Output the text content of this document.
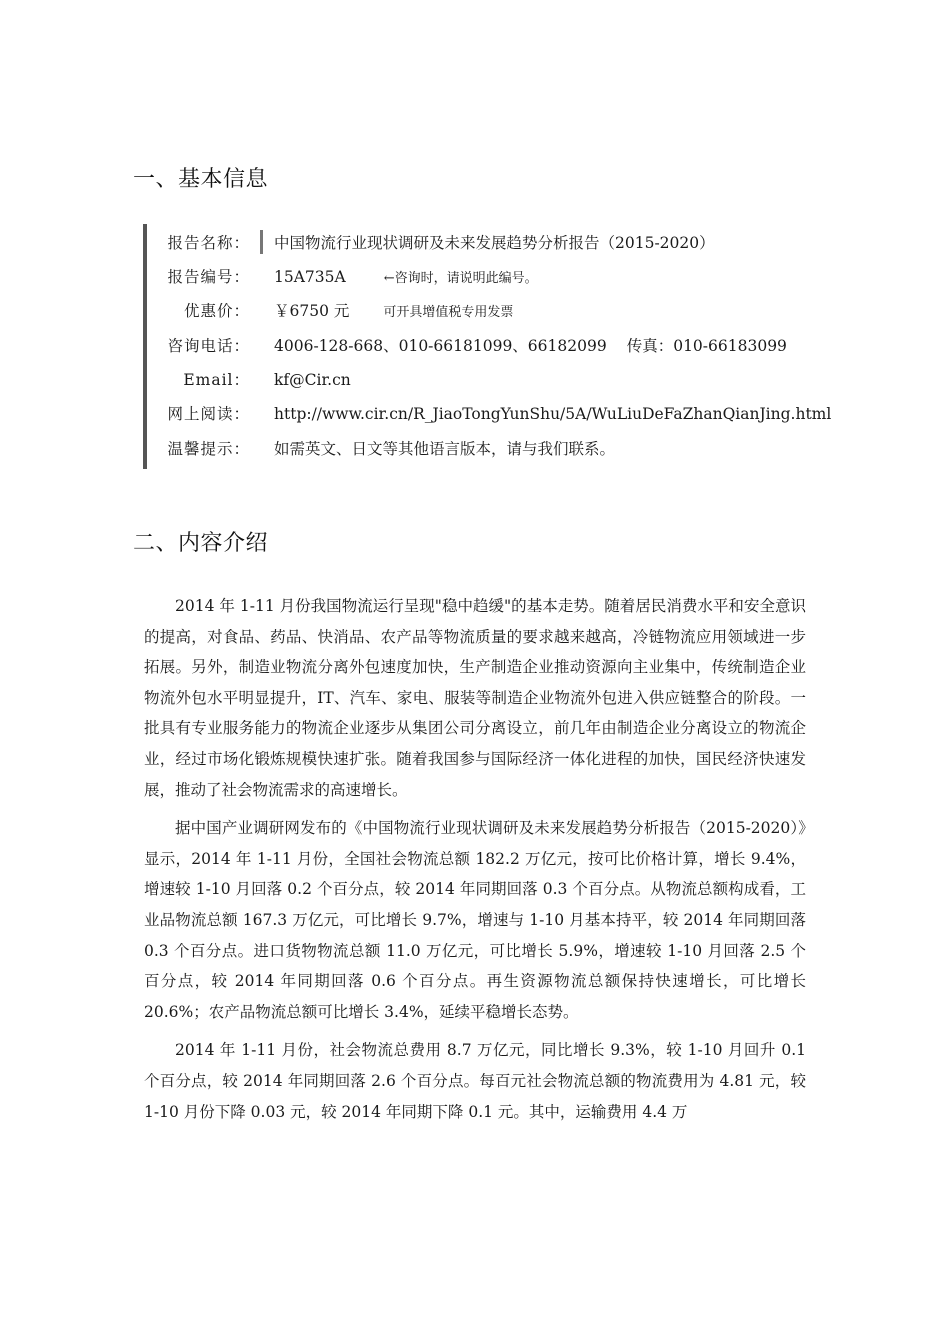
一、基本信息
报告名称： 中国物流行业现状调研及未来发展趋势分析报告（2015-2020）
报告编号： 15A735A	←咨询时，请说明此编号。
优惠价： ￥6750 元	可开具增值税专用发票
咨询电话： 4006-128-668、010-66181099、66182099 传真：010-66183099
Email： kf@Cir.cn
网上阅读： http://www.cir.cn/R_JiaoTongYunShu/5A/WuLiuDeFaZhanQianJing.html
温馨提示： 如需英文、日文等其他语言版本，请与我们联系。
二、内容介绍

2014 年 1-11 月份我国物流运行呈现"稳中趋缓"的基本走势。随着居民消费水平和安全意识的提高，对食品、药品、快消品、农产品等物流质量的要求越来越高，冷链物流应用领域进一步拓展。另外，制造业物流分离外包速度加快，生产制造企业推动资源向主业集中，传统制造企业物流外包水平明显提升，IT、汽车、家电、服装等制造企业物流外包进入供应链整合的阶段。一批具有专业服务能力的物流企业逐步从集团公司分离设立，前几年由制造企业分离设立的物流企业，经过市场化锻炼规模快速扩张。随着我国参与国际经济一体化进程的加快，国民经济快速发展，推动了社会物流需求的高速增长。

据中国产业调研网发布的《中国物流行业现状调研及未来发展趋势分析报告（2015-2020）》显示，2014 年 1-11 月份，全国社会物流总额 182.2 万亿元，按可比价格计算，增长 9.4%，增速较 1-10 月回落 0.2 个百分点，较 2014 年同期回落 0.3 个百分点。从物流总额构成看，工业品物流总额 167.3 万亿元，可比增长 9.7%，增速与 1-10 月基本持平，较 2014 年同期回落 0.3 个百分点。进口货物物流总额 11.0 万亿元，可比增长 5.9%，增速较 1-10 月回落 2.5 个百分点，较 2014 年同期回落 0.6 个百分点。再生资源物流总额保持快速增长，可比增长 20.6%；农产品物流总额可比增长 3.4%，延续平稳增长态势。

2014 年 1-11 月份，社会物流总费用 8.7 万亿元，同比增长 9.3%，较 1-10 月回升 0.1 个百分点，较 2014 年同期回落 2.6 个百分点。每百元社会物流总额的物流费用为 4.81 元，较 1-10 月份下降 0.03 元，较 2014 年同期下降 0.1 元。其中，运输费用 4.4 万
